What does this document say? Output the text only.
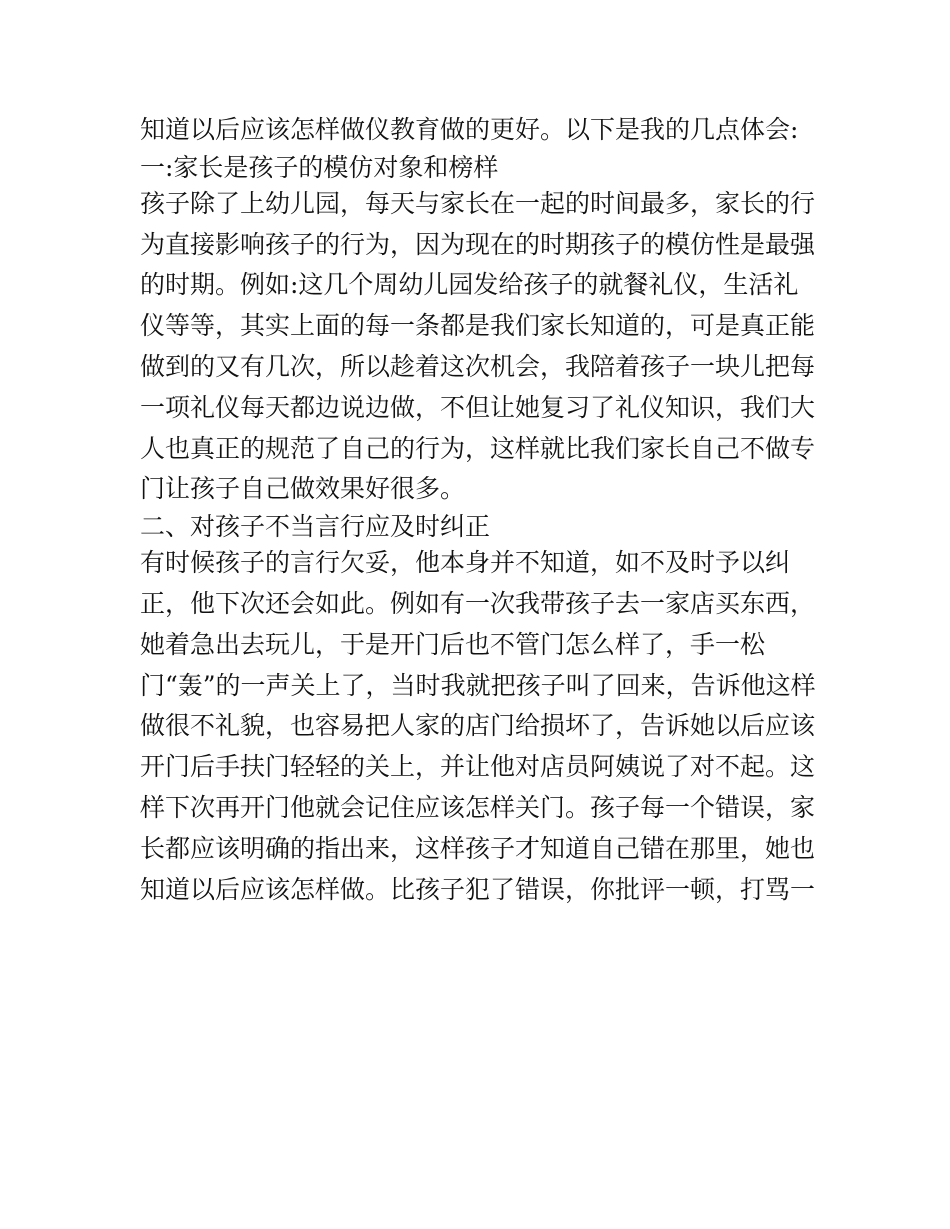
知道以后应该怎样做仪教育做的更好。以下是我的几点体会:
一:家长是孩子的模仿对象和榜样
孩子除了上幼儿园，每天与家长在一起的时间最多，家长的行
为直接影响孩子的行为，因为现在的时期孩子的模仿性是最强
的时期。例如:这几个周幼儿园发给孩子的就餐礼仪，生活礼
仪等等，其实上面的每一条都是我们家长知道的，可是真正能
做到的又有几次，所以趁着这次机会，我陪着孩子一块儿把每
一项礼仪每天都边说边做，不但让她复习了礼仪知识，我们大
人也真正的规范了自己的行为，这样就比我们家长自己不做专
门让孩子自己做效果好很多。
二、对孩子不当言行应及时纠正
有时候孩子的言行欠妥，他本身并不知道，如不及时予以纠
正，他下次还会如此。例如有一次我带孩子去一家店买东西，
她着急出去玩儿，于是开门后也不管门怎么样了，手一松
门“轰”的一声关上了，当时我就把孩子叫了回来，告诉他这样
做很不礼貌，也容易把人家的店门给损坏了，告诉她以后应该
开门后手扶门轻轻的关上，并让他对店员阿姨说了对不起。这
样下次再开门他就会记住应该怎样关门。孩子每一个错误，家
长都应该明确的指出来，这样孩子才知道自己错在那里，她也
知道以后应该怎样做。比孩子犯了错误，你批评一顿，打骂一
